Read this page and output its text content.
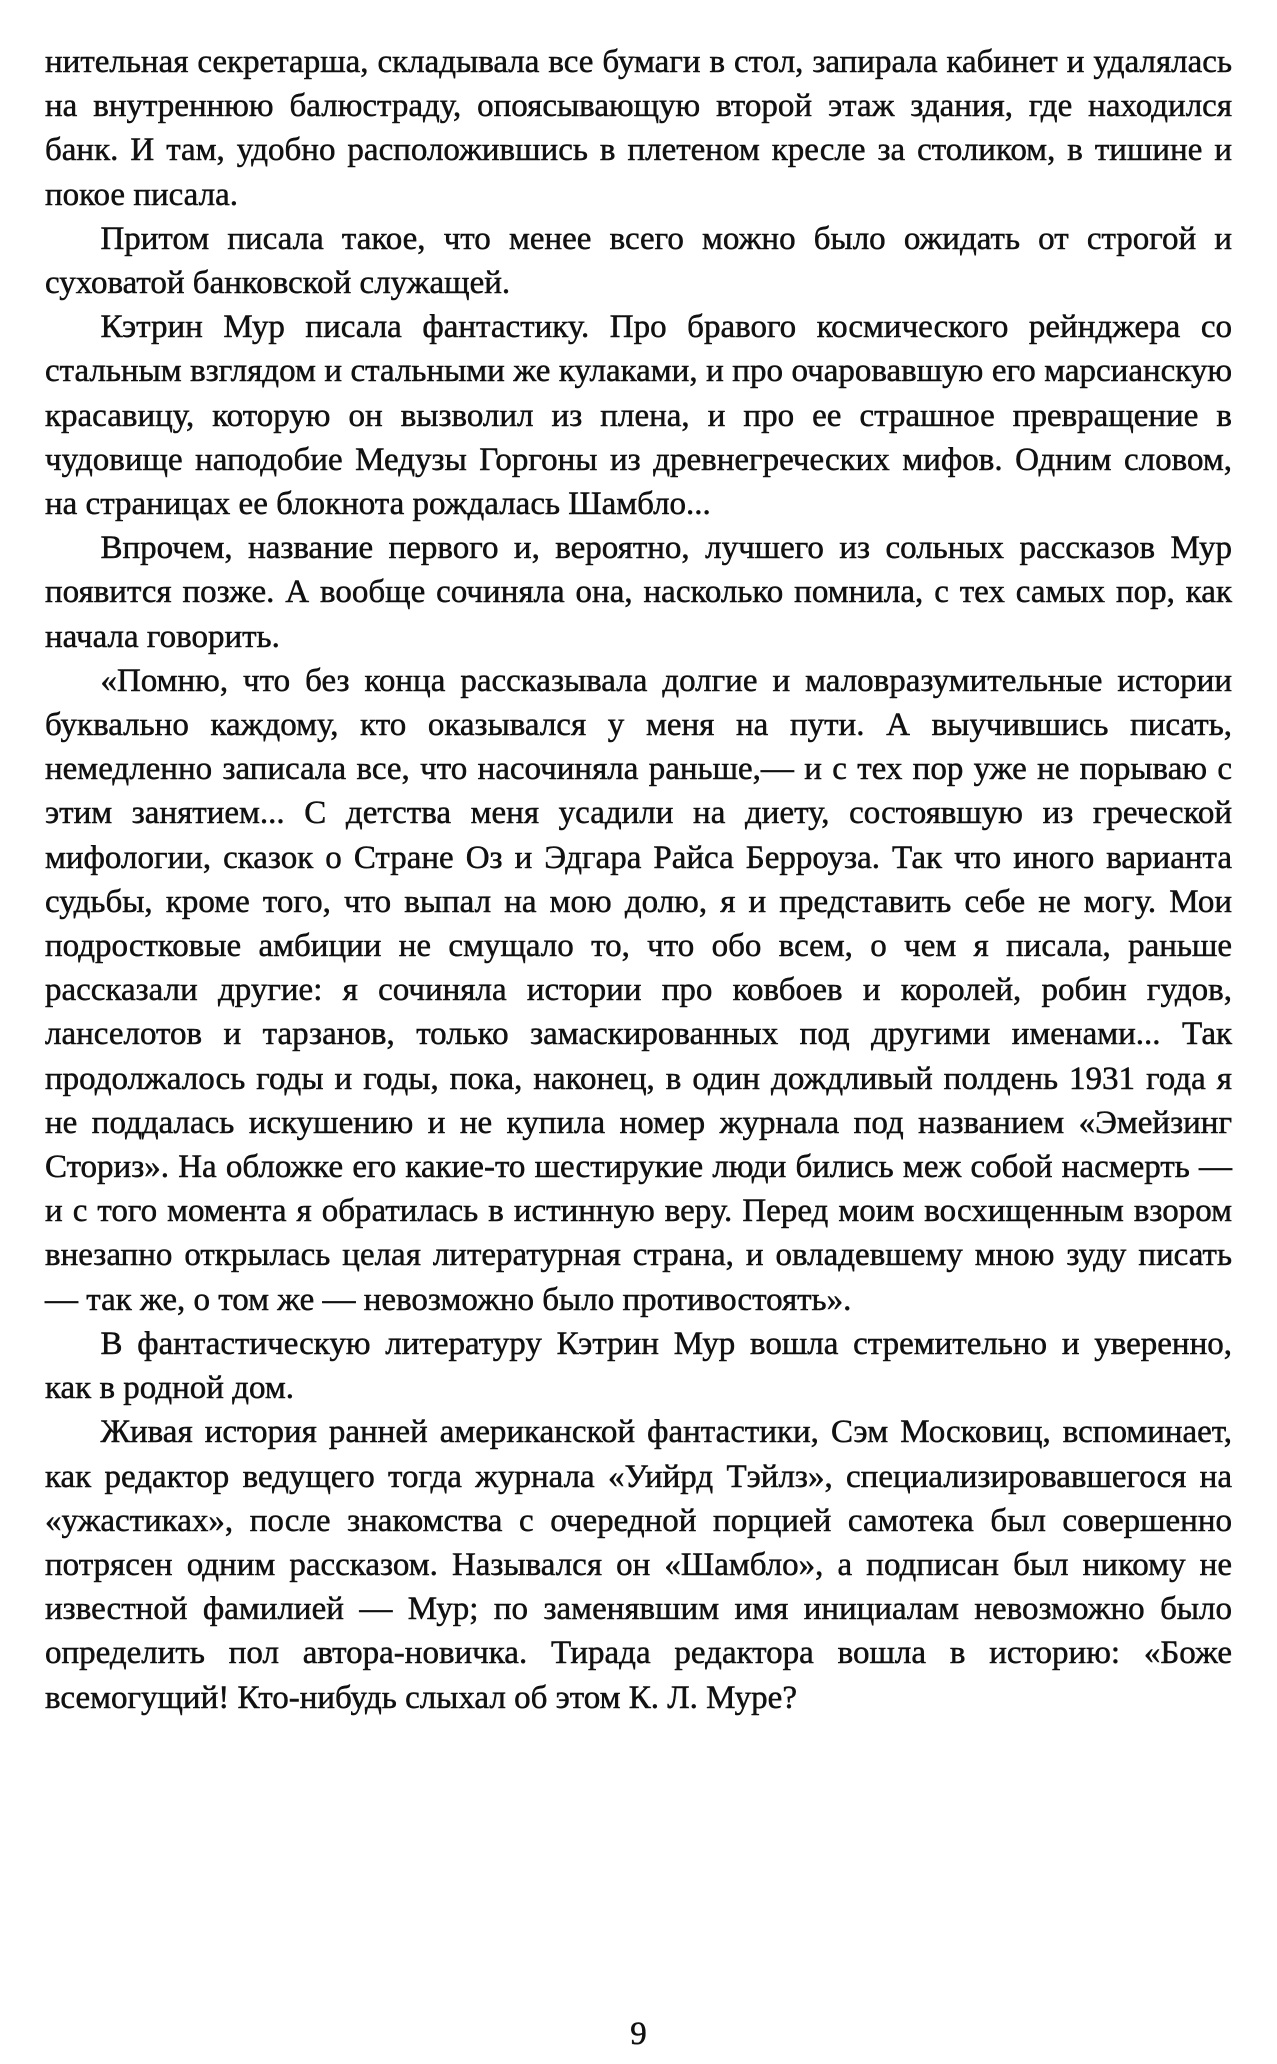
нительная секретарша, складывала все бумаги в стол, запирала кабинет и удалялась на внутреннюю балюстраду, опоясывающую второй этаж здания, где находился банк. И там, удобно расположившись в плетеном кресле за столиком, в тишине и покое писала.

Притом писала такое, что менее всего можно было ожидать от строгой и суховатой банковской служащей.

Кэтрин Мур писала фантастику. Про бравого космического рейнджера со стальным взглядом и стальными же кулаками, и про очаровавшую его марсианскую красавицу, которую он вызволил из плена, и про ее страшное превращение в чудовище наподобие Медузы Горгоны из древнегреческих мифов. Одним словом, на страницах ее блокнота рождалась Шамбло...

Впрочем, название первого и, вероятно, лучшего из сольных рассказов Мур появится позже. А вообще сочиняла она, насколько помнила, с тех самых пор, как начала говорить.

«Помню, что без конца рассказывала долгие и маловразумительные истории буквально каждому, кто оказывался у меня на пути. А выучившись писать, немедленно записала все, что насочиняла раньше,— и с тех пор уже не порываю с этим занятием... С детства меня усадили на диету, состоявшую из греческой мифологии, сказок о Стране Оз и Эдгара Райса Берроуза. Так что иного варианта судьбы, кроме того, что выпал на мою долю, я и представить себе не могу. Мои подростковые амбиции не смущало то, что обо всем, о чем я писала, раньше рассказали другие: я сочиняла истории про ковбоев и королей, робин гудов, ланселотов и тарзанов, только замаскированных под другими именами... Так продолжалось годы и годы, пока, наконец, в один дождливый полдень 1931 года я не поддалась искушению и не купила номер журнала под названием «Эмейзинг Сториз». На обложке его какие-то шестирукие люди бились меж собой насмерть — и с того момента я обратилась в истинную веру. Перед моим восхищенным взором внезапно открылась целая литературная страна, и овладевшему мною зуду писать — так же, о том же — невозможно было противостоять».

В фантастическую литературу Кэтрин Мур вошла стремительно и уверенно, как в родной дом.

Живая история ранней американской фантастики, Сэм Московиц, вспоминает, как редактор ведущего тогда журнала «Уийрд Тэйлз», специализировавшегося на «ужастиках», после знакомства с очередной порцией самотека был совершенно потрясен одним рассказом. Назывался он «Шамбло», а подписан был никому не известной фамилией — Мур; по заменявшим имя инициалам невозможно было определить пол автора-новичка. Тирада редактора вошла в историю: «Боже всемогущий! Кто-нибудь слыхал об этом К. Л. Муре?

9
